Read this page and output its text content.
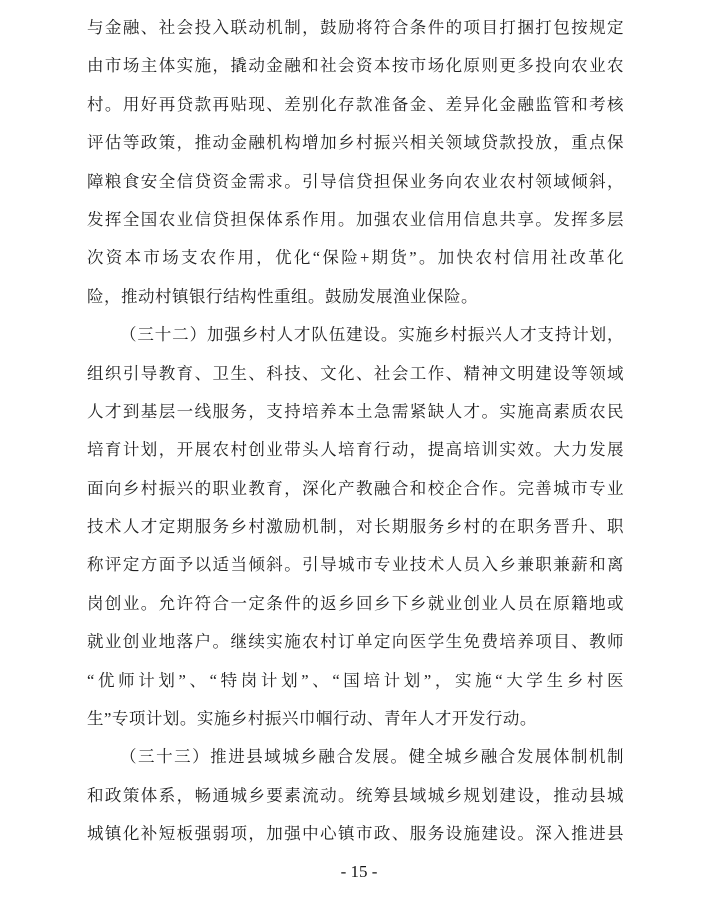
与金融、社会投入联动机制，鼓励将符合条件的项目打捆打包按规定
由市场主体实施，撬动金融和社会资本按市场化原则更多投向农业农
村。用好再贷款再贴现、差别化存款准备金、差异化金融监管和考核
评估等政策，推动金融机构增加乡村振兴相关领域贷款投放，重点保
障粮食安全信贷资金需求。引导信贷担保业务向农业农村领域倾斜，
发挥全国农业信贷担保体系作用。加强农业信用信息共享。发挥多层
次资本市场支农作用，优化“保险+期货”。加快农村信用社改革化
险，推动村镇银行结构性重组。鼓励发展渔业保险。

（三十二）加强乡村人才队伍建设。实施乡村振兴人才支持计划，
组织引导教育、卫生、科技、文化、社会工作、精神文明建设等领域
人才到基层一线服务，支持培养本土急需紧缺人才。实施高素质农民
培育计划，开展农村创业带头人培育行动，提高培训实效。大力发展
面向乡村振兴的职业教育，深化产教融合和校企合作。完善城市专业
技术人才定期服务乡村激励机制，对长期服务乡村的在职务晋升、职
称评定方面予以适当倾斜。引导城市专业技术人员入乡兼职兼薪和离
岗创业。允许符合一定条件的返乡回乡下乡就业创业人员在原籍地或
就业创业地落户。继续实施农村订单定向医学生免费培养项目、教师
“优师计划”、“特岗计划”、“国培计划”，实施“大学生乡村医
生”专项计划。实施乡村振兴巾帼行动、青年人才开发行动。

（三十三）推进县域城乡融合发展。健全城乡融合发展体制机制
和政策体系，畅通城乡要素流动。统筹县域城乡规划建设，推动县城
城镇化补短板强弱项，加强中心镇市政、服务设施建设。深入推进县

- 15 -
